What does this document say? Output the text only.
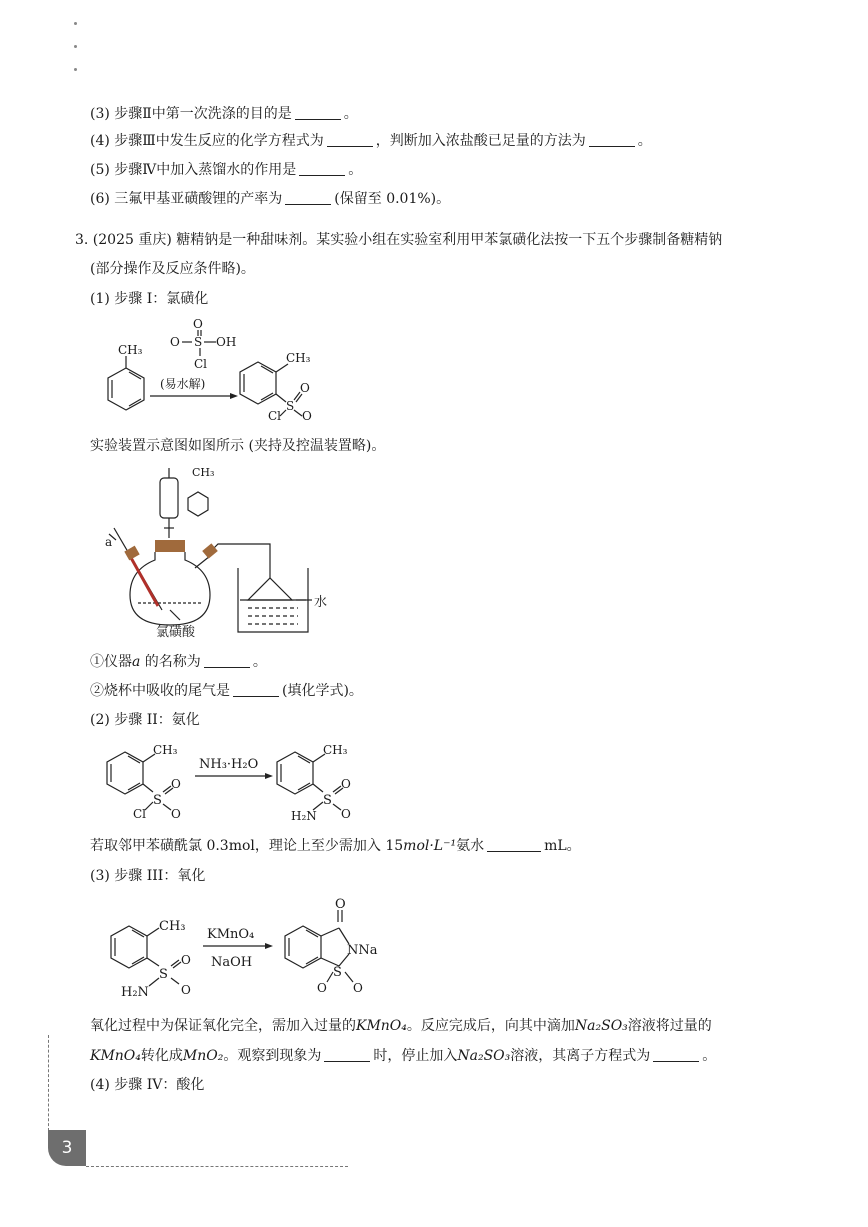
(3) 步骤Ⅱ中第一次洗涤的目的是	。
(4) 步骤Ⅲ中发生反应的化学方程式为	，判断加入浓盐酸已足量的方法为	。
(5) 步骤Ⅳ中加入蒸馏水的作用是	。
(6) 三氟甲基亚磺酸锂的产率为	(保留至 0.01%)。
3. (2025 重庆) 糖精钠是一种甜味剂。某实验小组在实验室利用甲苯氯磺化法按一下五个步骤制备糖精钠
(部分操作及反应条件略)。
(1) 步骤 I：氯磺化
CH₃
O
O
S OH
Cl
(易水解)
CH₃
S
O
O
Cl
实验装置示意图如图所示 (夹持及控温装置略)。
a
氯磺酸
水
CH₃
①仪器a 的名称为	。
②烧杯中吸收的尾气是	(填化学式)。
(2) 步骤 II：氨化
NH₃·H₂O
CH₃
S
O
O
Cl
CH₃
S
O
O
H₂N
若取邻甲苯磺酰氯 0.3mol，理论上至少需加入 15mol·L⁻¹氨水	mL。
(3) 步骤 III：氧化
KMnO₄
NaOH
CH₃
S
O
O
H₂N
O
NNa
S
O O
氧化过程中为保证氧化完全，需加入过量的KMnO₄。反应完成后，向其中滴加Na₂SO₃溶液将过量的
KMnO₄转化成MnO₂。观察到现象为	时，停止加入Na₂SO₃溶液，其离子方程式为	。
(4) 步骤 IV：酸化
3
